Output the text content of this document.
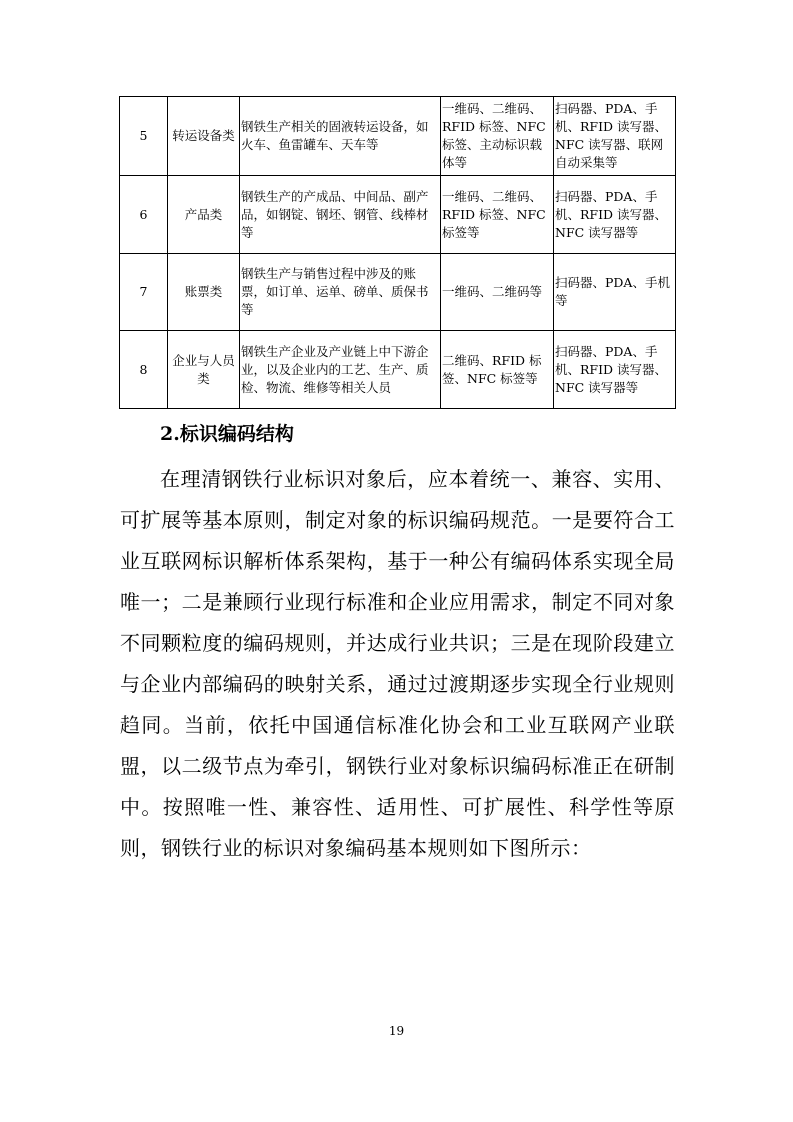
5	转运设备类	钢铁生产相关的固液转运设备，如火车、鱼雷罐车、天车等	一维码、二维码、RFID 标签、NFC 标签、主动标识载体等	扫码器、PDA、手机、RFID 读写器、NFC 读写器、联网自动采集等
6	产品类	钢铁生产的产成品、中间品、副产品，如钢锭、钢坯、钢管、线棒材等	一维码、二维码、RFID 标签、NFC 标签等	扫码器、PDA、手机、RFID 读写器、NFC 读写器等
7	账票类	钢铁生产与销售过程中涉及的账票，如订单、运单、磅单、质保书等	一维码、二维码等	扫码器、PDA、手机等
8	企业与人员类	钢铁生产企业及产业链上中下游企业，以及企业内的工艺、生产、质检、物流、维修等相关人员	二维码、RFID 标签、NFC 标签等	扫码器、PDA、手机、RFID 读写器、NFC 读写器等
2.标识编码结构

在理清钢铁行业标识对象后，应本着统一、兼容、实用、可扩展等基本原则，制定对象的标识编码规范。一是要符合工业互联网标识解析体系架构，基于一种公有编码体系实现全局唯一；二是兼顾行业现行标准和企业应用需求，制定不同对象不同颗粒度的编码规则，并达成行业共识；三是在现阶段建立与企业内部编码的映射关系，通过过渡期逐步实现全行业规则趋同。当前，依托中国通信标准化协会和工业互联网产业联盟，以二级节点为牵引，钢铁行业对象标识编码标准正在研制中。按照唯一性、兼容性、适用性、可扩展性、科学性等原则，钢铁行业的标识对象编码基本规则如下图所示：

19
